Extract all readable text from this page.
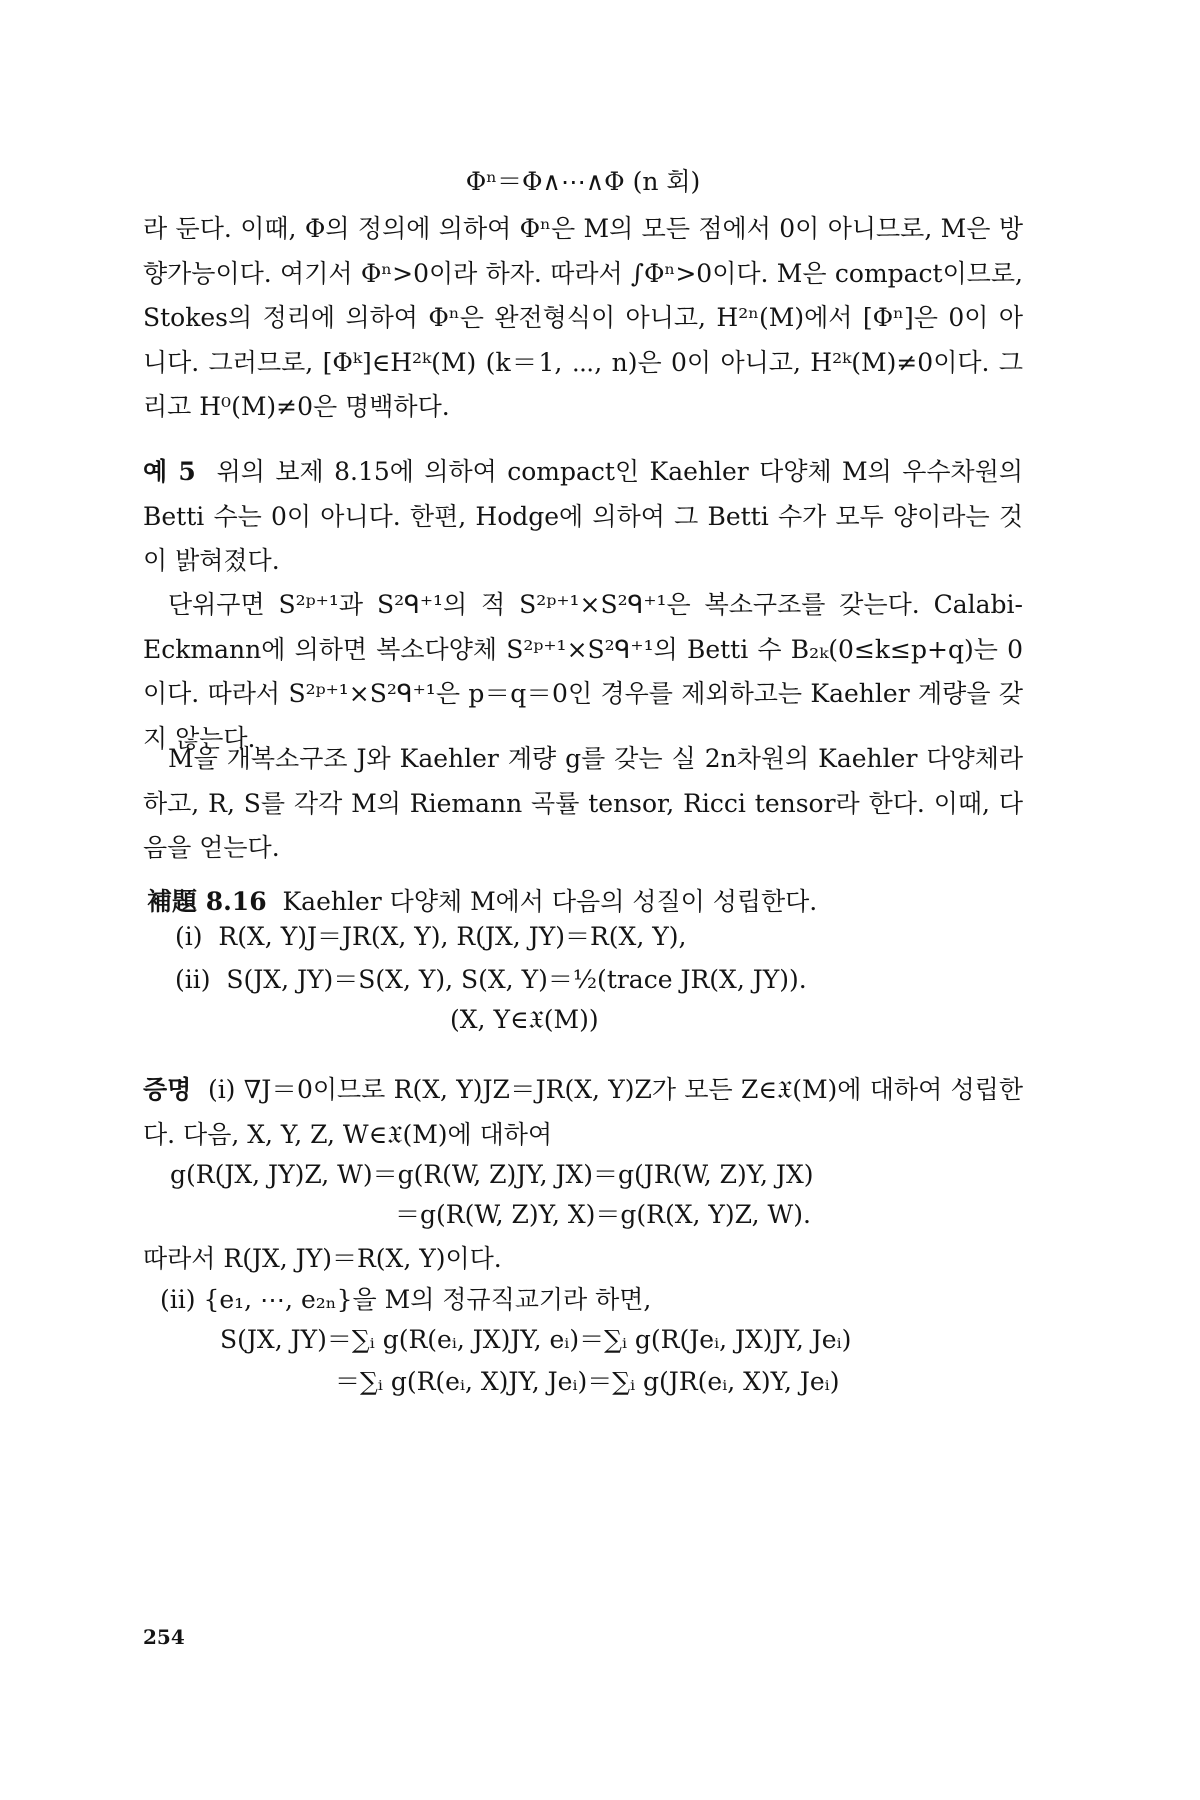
Φⁿ＝Φ∧⋯∧Φ (n 회)
라 둔다. 이때, Φ의 정의에 의하여 Φⁿ은 M의 모든 점에서 0이 아니므로, M은 방향가능이다. 여기서 Φⁿ>0이라 하자. 따라서 ∫Φⁿ>0이다. M은 compact이므로, Stokes의 정리에 의하여 Φⁿ은 완전형식이 아니고, H²ⁿ(M)에서 [Φⁿ]은 0이 아니다. 그러므로, [Φᵏ]∈H²ᵏ(M) (k＝1, ⋯, n)은 0이 아니고, H²ᵏ(M)≠0이다. 그리고 H⁰(M)≠0은 명백하다.
예 5 위의 보제 8.15에 의하여 compact인 Kaehler 다양체 M의 우수차원의 Betti 수는 0이 아니다. 한편, Hodge에 의하여 그 Betti 수가 모두 양이라는 것이 밝혀졌다.
단위구면 S²ᵖ⁺¹과 S²ᑫ⁺¹의 적 S²ᵖ⁺¹×S²ᑫ⁺¹은 복소구조를 갖는다. Calabi-Eckmann에 의하면 복소다양체 S²ᵖ⁺¹×S²ᑫ⁺¹의 Betti 수 B₂ₖ(0≤k≤p+q)는 0이다. 따라서 S²ᵖ⁺¹×S²ᑫ⁺¹은 p＝q＝0인 경우를 제외하고는 Kaehler 계량을 갖지 않는다.
M을 개복소구조 J와 Kaehler 계량 g를 갖는 실 2n차원의 Kaehler 다양체라 하고, R, S를 각각 M의 Riemann 곡률 tensor, Ricci tensor라 한다. 이때, 다음을 얻는다.
補題 8.16 Kaehler 다양체 M에서 다음의 성질이 성립한다.
(i) R(X, Y)J＝JR(X, Y), R(JX, JY)＝R(X, Y),
(ii) S(JX, JY)＝S(X, Y), S(X, Y)＝½(trace JR(X, JY)).
(X, Y∈𝔛(M))
증명 (i) ∇J＝0이므로 R(X, Y)JZ＝JR(X, Y)Z가 모든 Z∈𝔛(M)에 대하여 성립한다. 다음, X, Y, Z, W∈𝔛(M)에 대하여
g(R(JX, JY)Z, W)＝g(R(W, Z)JY, JX)＝g(JR(W, Z)Y, JX)
＝g(R(W, Z)Y, X)＝g(R(X, Y)Z, W).
따라서 R(JX, JY)＝R(X, Y)이다.
(ii) {e₁, ⋯, e₂ₙ}을 M의 정규직교기라 하면,
S(JX, JY)＝∑ᵢ g(R(eᵢ, JX)JY, eᵢ)＝∑ᵢ g(R(Jeᵢ, JX)JY, Jeᵢ)
＝∑ᵢ g(R(eᵢ, X)JY, Jeᵢ)＝∑ᵢ g(JR(eᵢ, X)Y, Jeᵢ)
254
